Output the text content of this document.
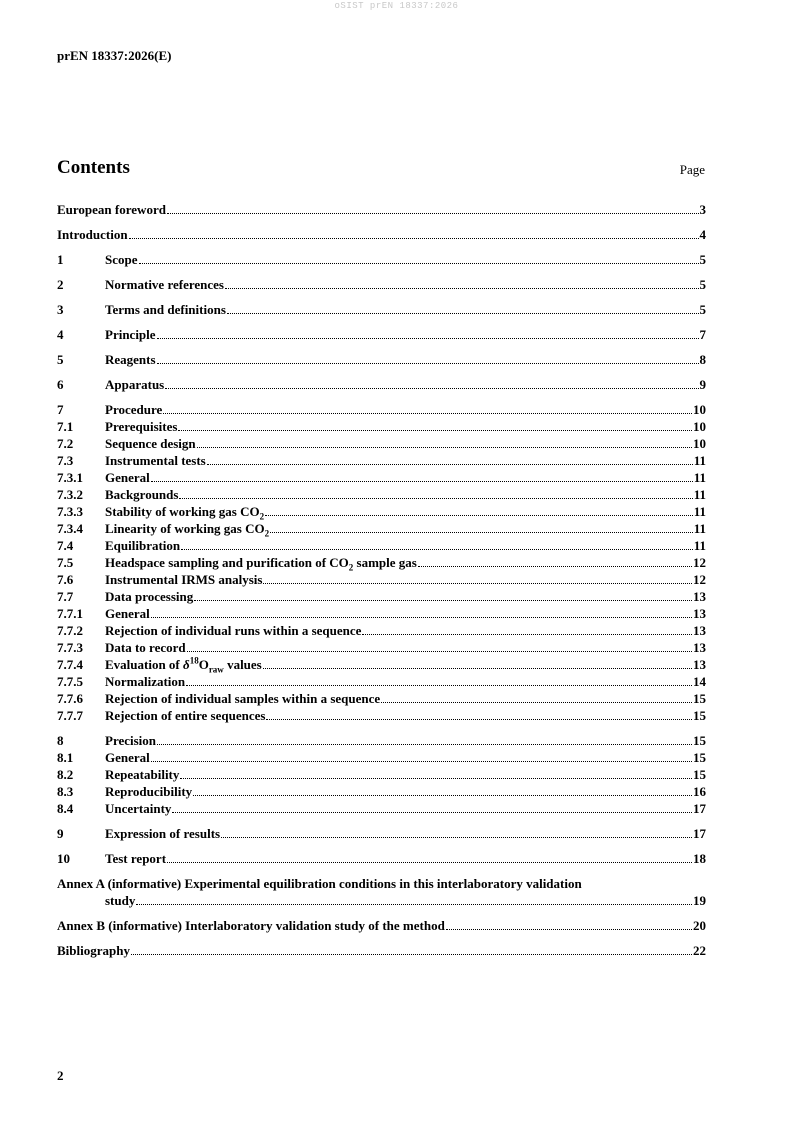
oSIST prEN 18337:2026
prEN 18337:2026(E)
Contents	Page
European foreword	3
Introduction	4
1	Scope	5
2	Normative references	5
3	Terms and definitions	5
4	Principle	7
5	Reagents	8
6	Apparatus	9
7	Procedure	10
7.1	Prerequisites	10
7.2	Sequence design	10
7.3	Instrumental tests	11
7.3.1	General	11
7.3.2	Backgrounds	11
7.3.3	Stability of working gas $CO_2$	11
7.3.4	Linearity of working gas $CO_2$	11
7.4	Equilibration	11
7.5	Headspace sampling and purification of $CO_2$ sample gas	12
7.6	Instrumental IRMS analysis	12
7.7	Data processing	13
7.7.1	General	13
7.7.2	Rejection of individual runs within a sequence	13
7.7.3	Data to record	13
7.7.4	Evaluation of $\delta^{18}O_{raw}$ values	13
7.7.5	Normalization	14
7.7.6	Rejection of individual samples within a sequence	15
7.7.7	Rejection of entire sequences	15
8	Precision	15
8.1	General	15
8.2	Repeatability	15
8.3	Reproducibility	16
8.4	Uncertainty	17
9	Expression of results	17
10	Test report	18
Annex A (informative) Experimental equilibration conditions in this interlaboratory validation
study	19
Annex B (informative) Interlaboratory validation study of the method	20
Bibliography	22
2
